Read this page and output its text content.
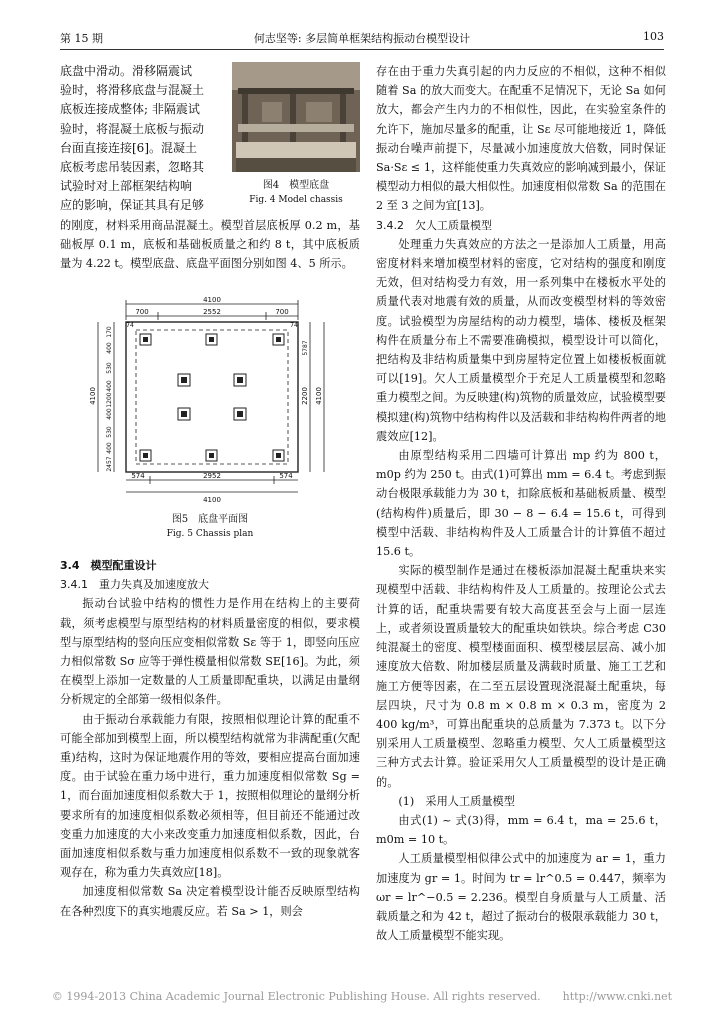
第 15 期	何志坚等: 多层简单框架结构振动台模型设计	103

底盘中滑动。滑移隔震试

验时，将滑移底盘与混凝土

底板连接成整体; 非隔震试

验时，将混凝土底板与振动

台面直接连接[6]。混凝土

底板考虑吊装因素，忽略其

试验时对上部框架结构响

应的影响，保证其具有足够

图4　模型底盘
Fig. 4 Model chassis

的刚度，材料采用商品混凝土。模型首层底板厚 0.2 m，基础板厚 0.1 m，底板和基础板质量之和约 8 t，其中底板质量为 4.22 t。模型底盘、底盘平面图分别如图 4、5 所示。

4100
700	2552	700
74	74
574	2952	574
4100
4100
170
400
530
400
1200
400
530
400
2457
5787
2200 4100
图5　底盘平面图
Fig. 5 Chassis plan

3.4　模型配重设计

3.4.1　重力失真及加速度放大

振动台试验中结构的惯性力是作用在结构上的主要荷载，须考虑模型与原型结构的材料质量密度的相似，要求模型与原型结构的竖向压应变相似常数 Sε 等于 1，即竖向压应力相似常数 Sσ 应等于弹性模量相似常数 SE[16]。为此，须在模型上添加一定数量的人工质量即配重块，以满足由量纲分析规定的全部第一级相似条件。

由于振动台承载能力有限，按照相似理论计算的配重不可能全部加到模型上面，所以模型结构就常为非满配重(欠配重)结构，这时为保证地震作用的等效，要相应提高台面加速度。由于试验在重力场中进行，重力加速度相似常数 Sg = 1，而台面加速度相似系数大于 1，按照相似理论的量纲分析要求所有的加速度相似系数必须相等，但目前还不能通过改变重力加速度的大小来改变重力加速度相似系数，因此，台面加速度相似系数与重力加速度相似系数不一致的现象就客观存在，称为重力失真效应[18]。

加速度相似常数 Sa 决定着模型设计能否反映原型结构在各种烈度下的真实地震反应。若 Sa > 1，则会

存在由于重力失真引起的内力反应的不相似，这种不相似随着 Sa 的放大而变大。在配重不足情况下，无论 Sa 如何放大，都会产生内力的不相似性，因此，在实验室条件的允许下，施加尽量多的配重，让 Sε 尽可能地接近 1，降低振动台噪声前提下，尽量减小加速度放大倍数，同时保证 Sa·Sε ≤ 1，这样能使重力失真效应的影响减到最小，保证模型动力相似的最大相似性。加速度相似常数 Sa 的范围在 2 至 3 之间为宜[13]。

3.4.2　欠人工质量模型

处理重力失真效应的方法之一是添加人工质量，用高密度材料来增加模型材料的密度，它对结构的强度和刚度无效，但对结构受力有效，用一系列集中在楼板水平处的质量代表对地震有效的质量，从而改变模型材料的等效密度。试验模型为房屋结构的动力模型，墙体、楼板及框架构件在质量分布上不需要准确模拟，模型设计可以简化，把结构及非结构质量集中到房屋特定位置上如楼板板面就可以[19]。欠人工质量模型介于充足人工质量模型和忽略重力模型之间。为反映建(构)筑物的质量效应，试验模型要模拟建(构)筑物中结构构件以及活载和非结构构件两者的地震效应[12]。

由原型结构采用二四墙可计算出 mp 约为 800 t，m0p 约为 250 t。由式(1)可算出 mm = 6.4 t。考虑到振动台极限承载能力为 30 t，扣除底板和基础板质量、模型(结构构件)质量后，即 30 − 8 − 6.4 = 15.6 t，可得到模型中活载、非结构构件及人工质量合计的计算值不超过 15.6 t。

实际的模型制作是通过在楼板添加混凝土配重块来实现模型中活载、非结构构件及人工质量的。按理论公式去计算的话，配重块需要有较大高度甚至会与上面一层连上，或者须设置质量较大的配重块如铁块。综合考虑 C30 纯混凝土的密度、模型楼面面积、模型楼层层高、减小加速度放大倍数、附加楼层质量及满载时质量、施工工艺和施工方便等因素，在二至五层设置现浇混凝土配重块，每层四块，尺寸为 0.8 m × 0.8 m × 0.3 m，密度为 2 400 kg/m³，可算出配重块的总质量为 7.373 t。以下分别采用人工质量模型、忽略重力模型、欠人工质量模型这三种方式去计算。验证采用欠人工质量模型的设计是正确的。

(1)　采用人工质量模型

由式(1) ~ 式(3)得，mm = 6.4 t，ma = 25.6 t，m0m = 10 t。

人工质量模型相似律公式中的加速度为 ar = 1，重力加速度为 gr = 1。时间为 tr = lr^0.5 = 0.447，频率为 ωr = lr^−0.5 = 2.236。模型自身质量与人工质量、活载质量之和为 42 t，超过了振动台的极限承载能力 30 t，故人工质量模型不能实现。

© 1994-2013 China Academic Journal Electronic Publishing House. All rights reserved.　　http://www.cnki.net
